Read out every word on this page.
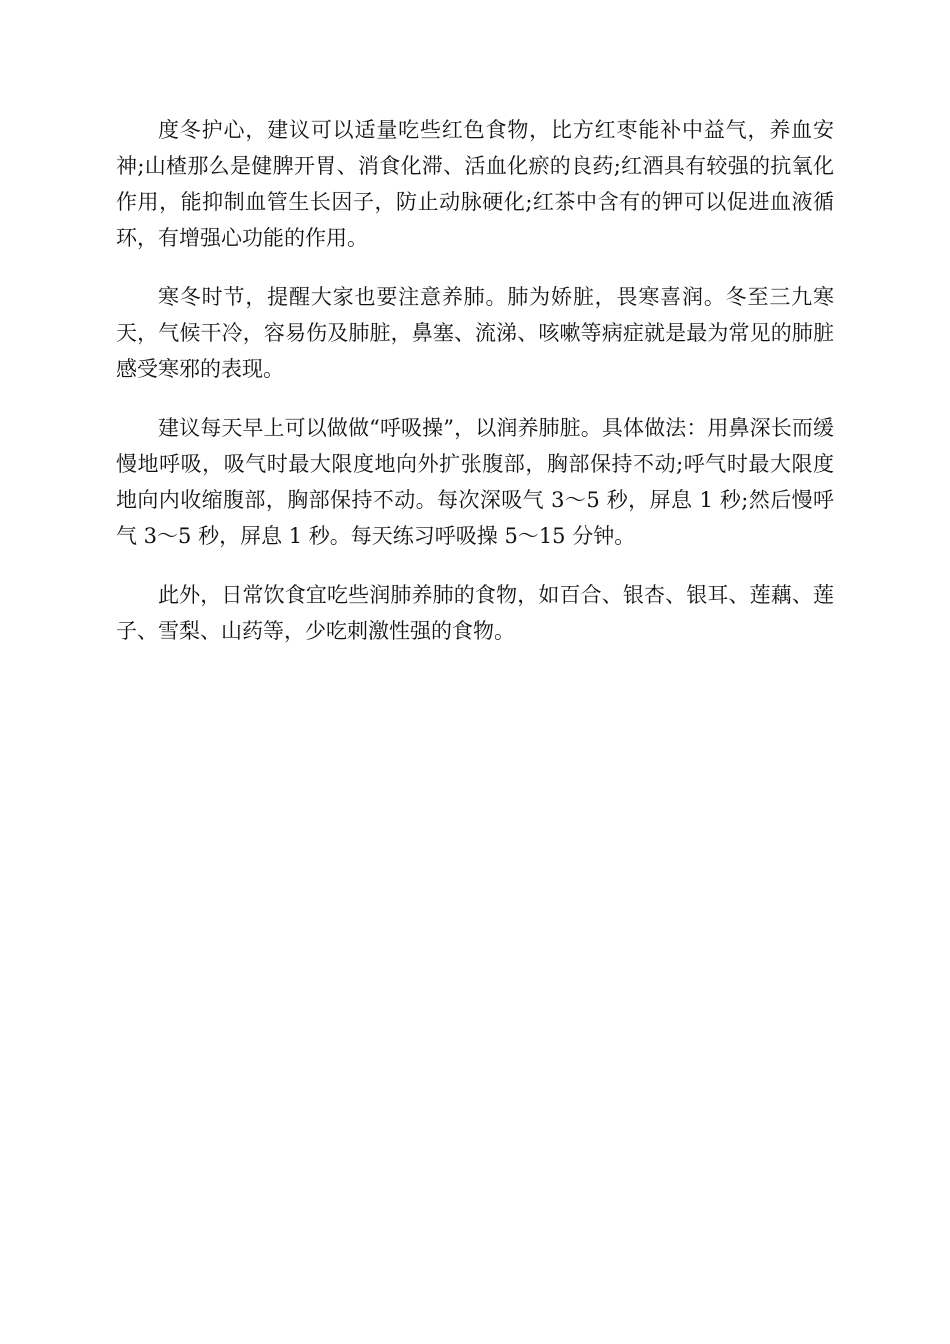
度冬护心，建议可以适量吃些红色食物，比方红枣能补中益气，养血安神;山楂那么是健脾开胃、消食化滞、活血化瘀的良药;红酒具有较强的抗氧化作用，能抑制血管生长因子，防止动脉硬化;红茶中含有的钾可以促进血液循环，有增强心功能的作用。

寒冬时节，提醒大家也要注意养肺。肺为娇脏，畏寒喜润。冬至三九寒天，气候干冷，容易伤及肺脏，鼻塞、流涕、咳嗽等病症就是最为常见的肺脏感受寒邪的表现。

建议每天早上可以做做“呼吸操”，以润养肺脏。具体做法：用鼻深长而缓慢地呼吸，吸气时最大限度地向外扩张腹部，胸部保持不动;呼气时最大限度地向内收缩腹部，胸部保持不动。每次深吸气 3～5 秒，屏息 1 秒;然后慢呼气 3～5 秒，屏息 1 秒。每天练习呼吸操 5～15 分钟。

此外，日常饮食宜吃些润肺养肺的食物，如百合、银杏、银耳、莲藕、莲子、雪梨、山药等，少吃刺激性强的食物。
